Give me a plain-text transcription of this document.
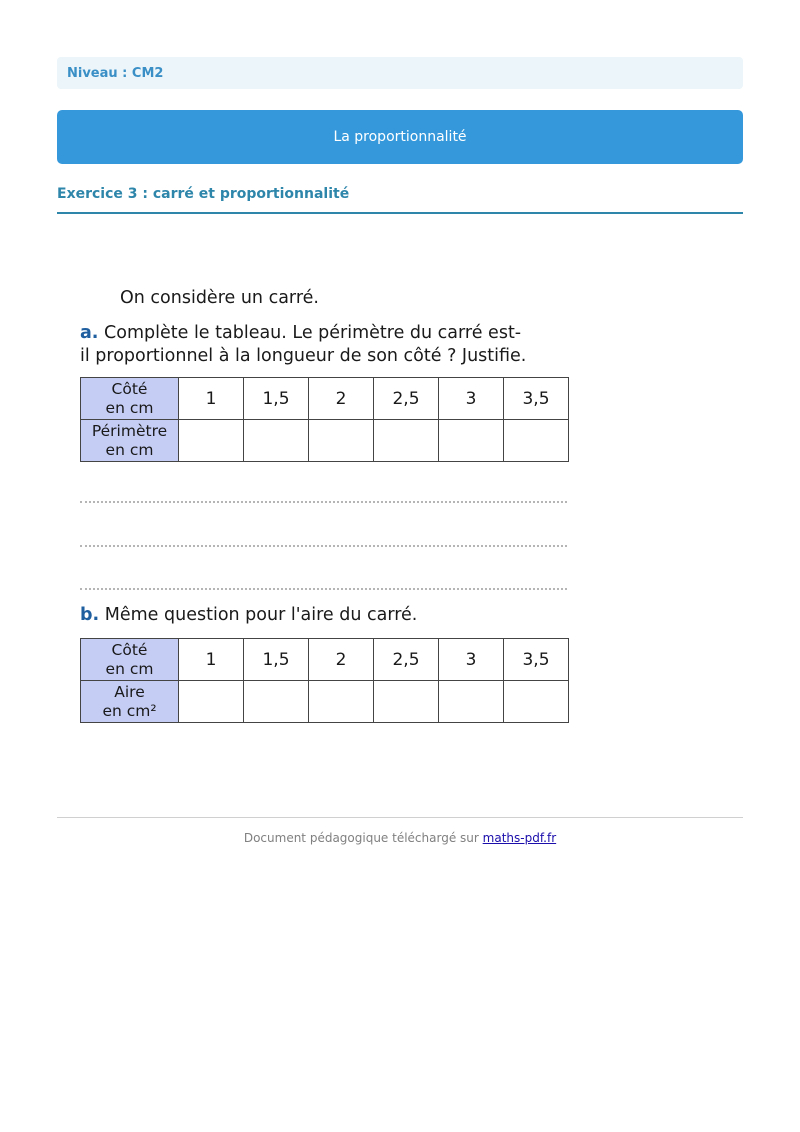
Niveau : CM2
La proportionnalité
Exercice 3 : carré et proportionnalité
On considère un carré.
a. Complète le tableau. Le périmètre du carré est-
il proportionnel à la longueur de son côté ? Justifie.
Côté
en cm	1	1,5	2	2,5	3	3,5
Périmètre
en cm						
b. Même question pour l'aire du carré.
Côté
en cm	1	1,5	2	2,5	3	3,5
Aire
en cm²						
Document pédagogique téléchargé sur maths-pdf.fr
